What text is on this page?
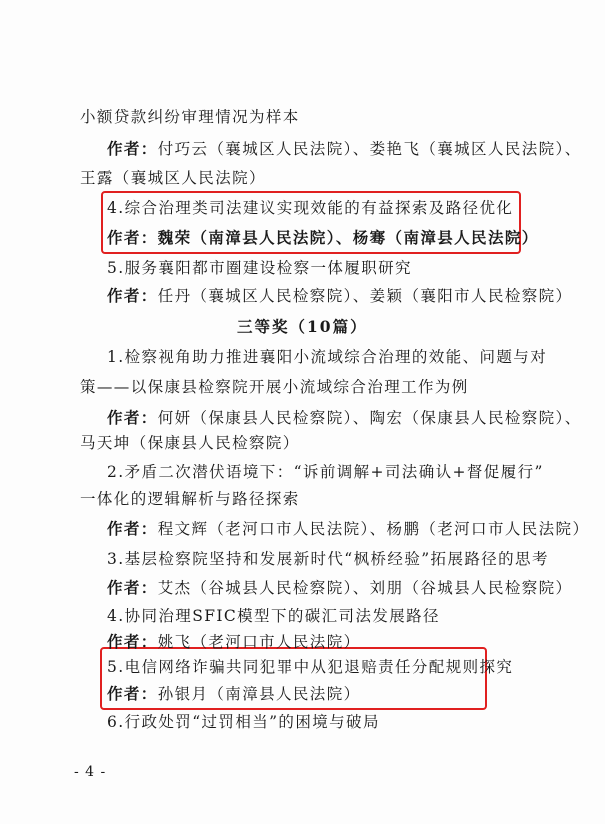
小额贷款纠纷审理情况为样本
作者：付巧云（襄城区人民法院）、娄艳飞（襄城区人民法院）、
王露（襄城区人民法院）
4.综合治理类司法建议实现效能的有益探索及路径优化
作者：魏荣（南漳县人民法院）、杨骞（南漳县人民法院）
5.服务襄阳都市圈建设检察一体履职研究
作者：任丹（襄城区人民检察院）、姜颖（襄阳市人民检察院）
三等奖（10篇）
1.检察视角助力推进襄阳小流域综合治理的效能、问题与对
策——以保康县检察院开展小流域综合治理工作为例
作者：何妍（保康县人民检察院）、陶宏（保康县人民检察院）、
马天坤（保康县人民检察院）
2.矛盾二次潜伏语境下：“诉前调解+司法确认+督促履行”
一体化的逻辑解析与路径探索
作者：程文辉（老河口市人民法院）、杨鹏（老河口市人民法院）
3.基层检察院坚持和发展新时代“枫桥经验”拓展路径的思考
作者：艾杰（谷城县人民检察院）、刘朋（谷城县人民检察院）
4.协同治理SFIC模型下的碳汇司法发展路径
作者：姚飞（老河口市人民法院）
5.电信网络诈骗共同犯罪中从犯退赔责任分配规则探究
作者：孙银月（南漳县人民法院）
6.行政处罚“过罚相当”的困境与破局
- 4 -
